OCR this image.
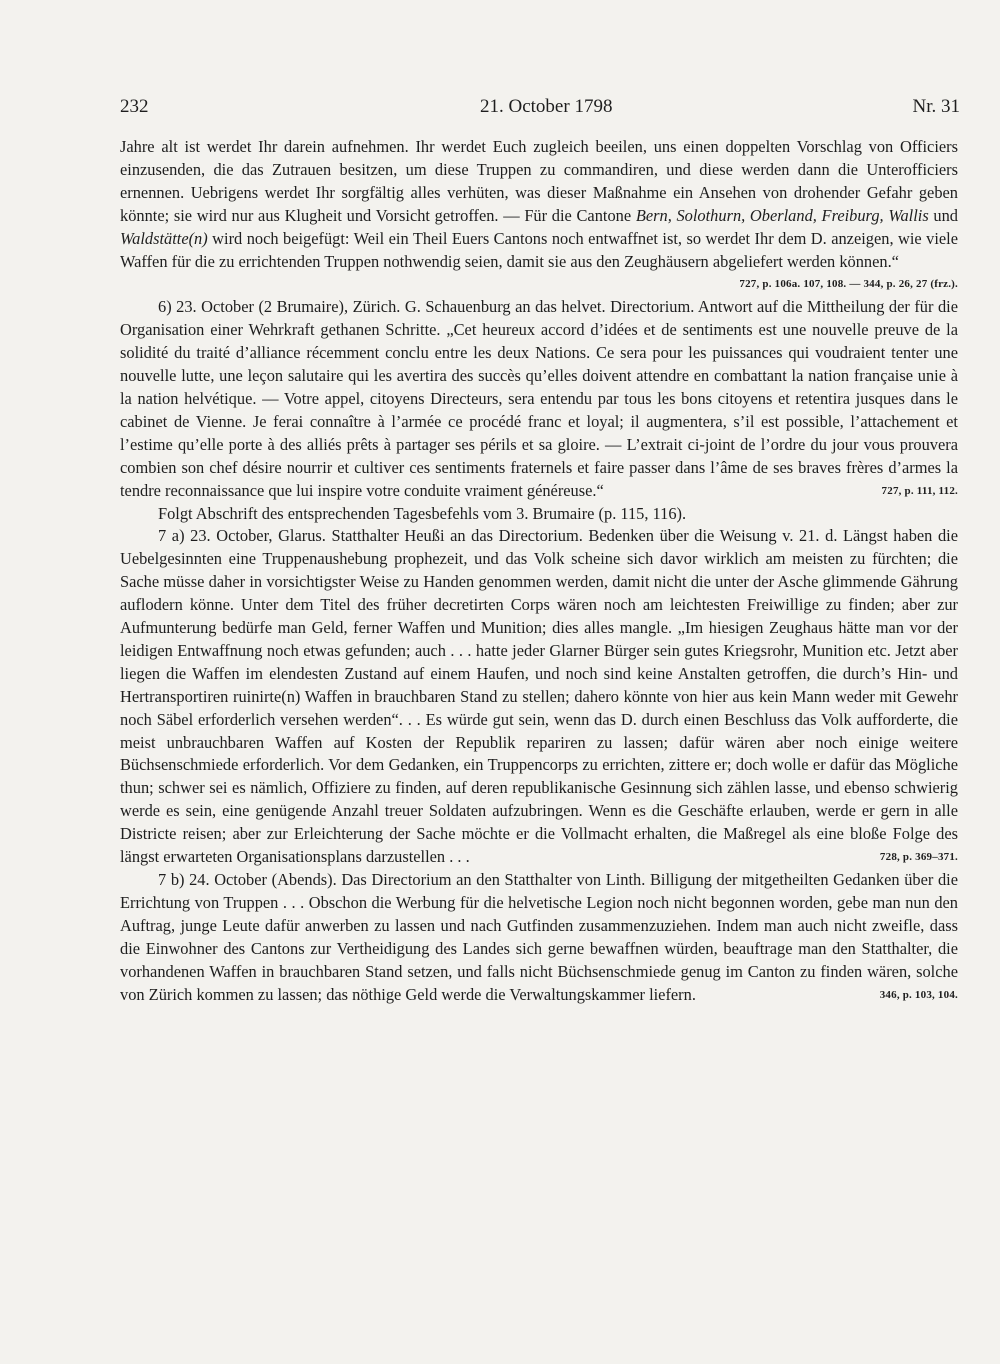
232	21. October 1798	Nr. 31

Jahre alt ist werdet Ihr darein aufnehmen. Ihr werdet Euch zugleich beeilen, uns einen doppelten Vorschlag von Officiers einzusenden, die das Zutrauen besitzen, um diese Truppen zu commandiren, und diese werden dann die Unterofficiers ernennen. Uebrigens werdet Ihr sorgfältig alles verhüten, was dieser Maßnahme ein Ansehen von drohender Gefahr geben könnte; sie wird nur aus Klugheit und Vorsicht getroffen. — Für die Cantone Bern, Solothurn, Oberland, Freiburg, Wallis und Waldstätte(n) wird noch beigefügt: Weil ein Theil Euers Cantons noch entwaffnet ist, so werdet Ihr dem D. anzeigen, wie viele Waffen für die zu errichtenden Truppen nothwendig seien, damit sie aus den Zeughäusern abgeliefert werden können.“

727, p. 106a. 107, 108. — 344, p. 26, 27 (frz.).

6) 23. October (2 Brumaire), Zürich. G. Schauenburg an das helvet. Directorium. Antwort auf die Mittheilung der für die Organisation einer Wehrkraft gethanen Schritte. „Cet heureux accord d’idées et de sentiments est une nouvelle preuve de la solidité du traité d’alliance récemment conclu entre les deux Nations. Ce sera pour les puissances qui voudraient tenter une nouvelle lutte, une leçon salutaire qui les avertira des succès qu’elles doivent attendre en combattant la nation française unie à la nation helvétique. — Votre appel, citoyens Directeurs, sera entendu par tous les bons citoyens et retentira jusques dans le cabinet de Vienne. Je ferai connaître à l’armée ce procédé franc et loyal; il augmentera, s’il est possible, l’attachement et l’estime qu’elle porte à des alliés prêts à partager ses périls et sa gloire. — L’extrait ci-joint de l’ordre du jour vous prouvera combien son chef désire nourrir et cultiver ces sentiments fraternels et faire passer dans l’âme de ses braves frères d’armes la tendre reconnaissance que lui inspire votre conduite vraiment généreuse.“	727, p. 111, 112.

Folgt Abschrift des entsprechenden Tagesbefehls vom 3. Brumaire (p. 115, 116).

7 a) 23. October, Glarus. Statthalter Heußi an das Directorium. Bedenken über die Weisung v. 21. d. Längst haben die Uebelgesinnten eine Truppenaushebung prophezeit, und das Volk scheine sich davor wirklich am meisten zu fürchten; die Sache müsse daher in vorsichtigster Weise zu Handen genommen werden, damit nicht die unter der Asche glimmende Gährung auflodern könne. Unter dem Titel des früher decretirten Corps wären noch am leichtesten Freiwillige zu finden; aber zur Aufmunterung bedürfe man Geld, ferner Waffen und Munition; dies alles mangle. „Im hiesigen Zeughaus hätte man vor der leidigen Entwaffnung noch etwas gefunden; auch . . . hatte jeder Glarner Bürger sein gutes Kriegsrohr, Munition etc. Jetzt aber liegen die Waffen im elendesten Zustand auf einem Haufen, und noch sind keine Anstalten getroffen, die durch’s Hin- und Hertransportiren ruinirte(n) Waffen in brauchbaren Stand zu stellen; dahero könnte von hier aus kein Mann weder mit Gewehr noch Säbel erforderlich versehen werden“. . . Es würde gut sein, wenn das D. durch einen Beschluss das Volk aufforderte, die meist unbrauchbaren Waffen auf Kosten der Republik repariren zu lassen; dafür wären aber noch einige weitere Büchsenschmiede erforderlich. Vor dem Gedanken, ein Truppencorps zu errichten, zittere er; doch wolle er dafür das Mögliche thun; schwer sei es nämlich, Offiziere zu finden, auf deren republikanische Gesinnung sich zählen lasse, und ebenso schwierig werde es sein, eine genügende Anzahl treuer Soldaten aufzubringen. Wenn es die Geschäfte erlauben, werde er gern in alle Districte reisen; aber zur Erleichterung der Sache möchte er die Vollmacht erhalten, die Maßregel als eine bloße Folge des längst erwarteten Organisationsplans darzustellen . . .	728, p. 369–371.

7 b) 24. October (Abends). Das Directorium an den Statthalter von Linth. Billigung der mitgetheilten Gedanken über die Errichtung von Truppen . . . Obschon die Werbung für die helvetische Legion noch nicht begonnen worden, gebe man nun den Auftrag, junge Leute dafür anwerben zu lassen und nach Gutfinden zusammenzuziehen. Indem man auch nicht zweifle, dass die Einwohner des Cantons zur Vertheidigung des Landes sich gerne bewaffnen würden, beauftrage man den Statthalter, die vorhandenen Waffen in brauchbaren Stand setzen, und falls nicht Büchsenschmiede genug im Canton zu finden wären, solche von Zürich kommen zu lassen; das nöthige Geld werde die Verwaltungskammer liefern.	346, p. 103, 104.
